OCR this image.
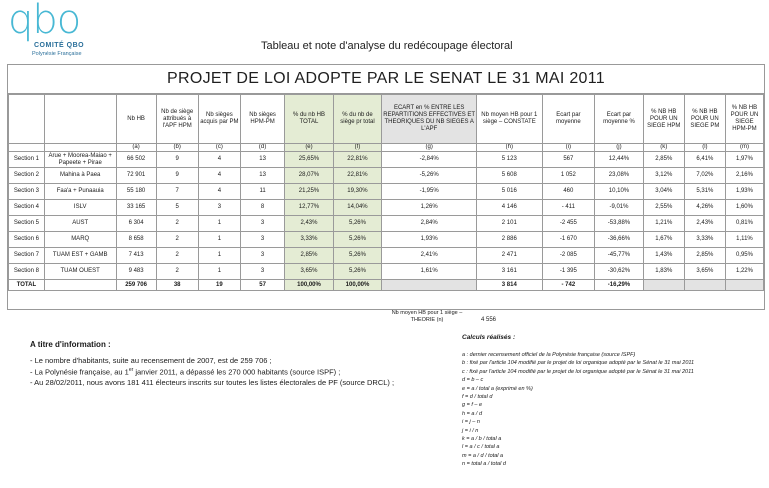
qbo
COMITÉ QBO
Polynésie Française
Tableau et note d'analyse du redécoupage électoral
PROJET DE LOI ADOPTE PAR LE SENAT LE 31 MAI 2011
		Nb HB	Nb de siège attribués à l'APF HPM	Nb sièges acquis par PM	Nb sièges HPM-PM	% du nb HB TOTAL	% du nb de siège pr total	ECART en % ENTRE LES REPARTITIONS EFFECTIVES ET THEORIQUES DU NB SIEGES A L'APF	Nb moyen HB pour 1 siège – CONSTATE	Ecart par moyenne	Ecart par moyenne %	% NB HB POUR UN SIEGE HPM	% NB HB POUR UN SIEGE PM	% NB HB POUR UN SIEGE HPM-PM
		(a)	(b)	(c)	(d)	(e)	(f)	(g)	(h)	(i)	(j)	(k)	(l)	(m)
Section 1	Arue + Moorea-Maiao + Papeete + Pirae	66 502	9	4	13	25,65%	22,81%	-2,84%	5 123	567	12,44%	2,85%	6,41%	1,97%
Section 2	Mahina à Paea	72 901	9	4	13	28,07%	22,81%	-5,26%	5 608	1 052	23,08%	3,12%	7,02%	2,16%
Section 3	Faa'a + Punaauia	55 180	7	4	11	21,25%	19,30%	-1,95%	5 016	460	10,10%	3,04%	5,31%	1,93%
Section 4	ISLV	33 165	5	3	8	12,77%	14,04%	1,26%	4 146	- 411	-9,01%	2,55%	4,26%	1,60%
Section 5	AUST	6 304	2	1	3	2,43%	5,26%	2,84%	2 101	-2 455	-53,88%	1,21%	2,43%	0,81%
Section 6	MARQ	8 658	2	1	3	3,33%	5,26%	1,93%	2 886	-1 670	-36,66%	1,67%	3,33%	1,11%
Section 7	TUAM EST + GAMB	7 413	2	1	3	2,85%	5,26%	2,41%	2 471	-2 085	-45,77%	1,43%	2,85%	0,95%
Section 8	TUAM OUEST	9 483	2	1	3	3,65%	5,26%	1,61%	3 161	-1 395	-30,62%	1,83%	3,65%	1,22%
TOTAL		259 706	38	19	57	100,00%	100,00%		3 814	- 742	-16,29%			
Nb moyen HB pour 1 siège – THEORIE (n)	4 556
A titre d'information :
- Le nombre d'habitants, suite au recensement de 2007, est de 259 706 ;
- La Polynésie française, au 1er janvier 2011, a dépassé les 270 000 habitants (source ISPF) ;
- Au 28/02/2011, nous avons 181 411 électeurs inscrits sur toutes les listes électorales de PF (source DRCL) ;
Calculs réalisés :
a : dernier recensement officiel de la Polynésie française (source ISPF)
b : fixé par l'article 104 modifié par le projet de loi organique adopté par le Sénat le 31 mai 2011
c : fixé par l'article 104 modifié par le projet de loi organique adopté par le Sénat le 31 mai 2011
d = b – c
e = a / total a (exprimé en %)
f = d / total d
g = f – e
h = a / d
i = j – n
j = i / n
k = a / b / total a
l = a / c / total a
m = a / d / total a
n = total a / total d
